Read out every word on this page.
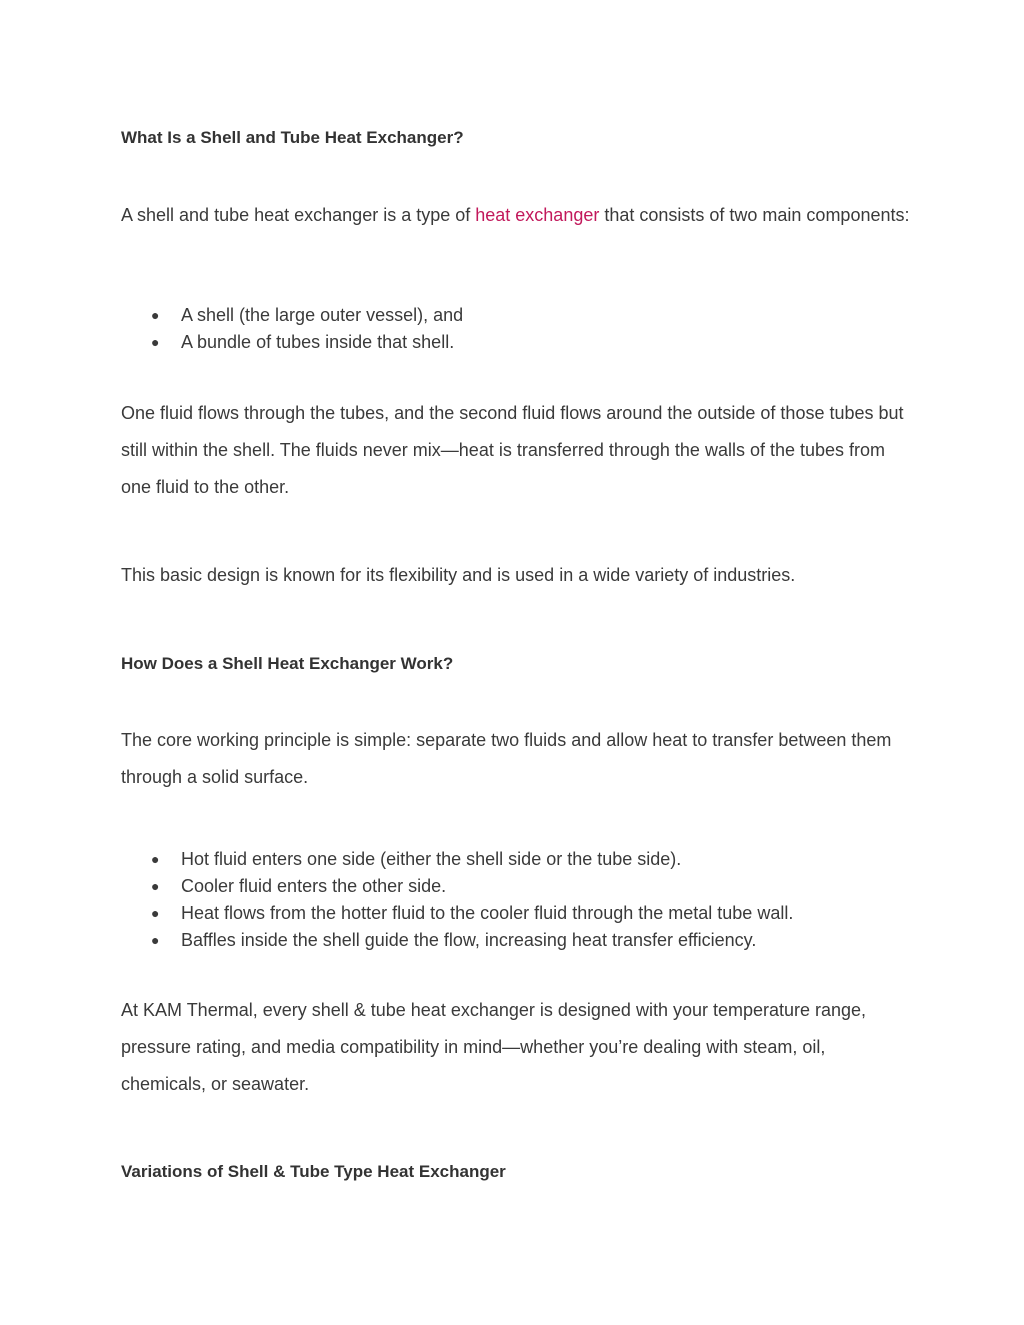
What Is a Shell and Tube Heat Exchanger?

A shell and tube heat exchanger is a type of heat exchanger that consists of two main components:

● A shell (the large outer vessel), and
● A bundle of tubes inside that shell.

One fluid flows through the tubes, and the second fluid flows around the outside of those tubes but still within the shell. The fluids never mix—heat is transferred through the walls of the tubes from one fluid to the other.

This basic design is known for its flexibility and is used in a wide variety of industries.

How Does a Shell Heat Exchanger Work?

The core working principle is simple: separate two fluids and allow heat to transfer between them through a solid surface.

● Hot fluid enters one side (either the shell side or the tube side).
● Cooler fluid enters the other side.
● Heat flows from the hotter fluid to the cooler fluid through the metal tube wall.
● Baffles inside the shell guide the flow, increasing heat transfer efficiency.

At KAM Thermal, every shell & tube heat exchanger is designed with your temperature range, pressure rating, and media compatibility in mind—whether you’re dealing with steam, oil, chemicals, or seawater.

Variations of Shell & Tube Type Heat Exchanger
